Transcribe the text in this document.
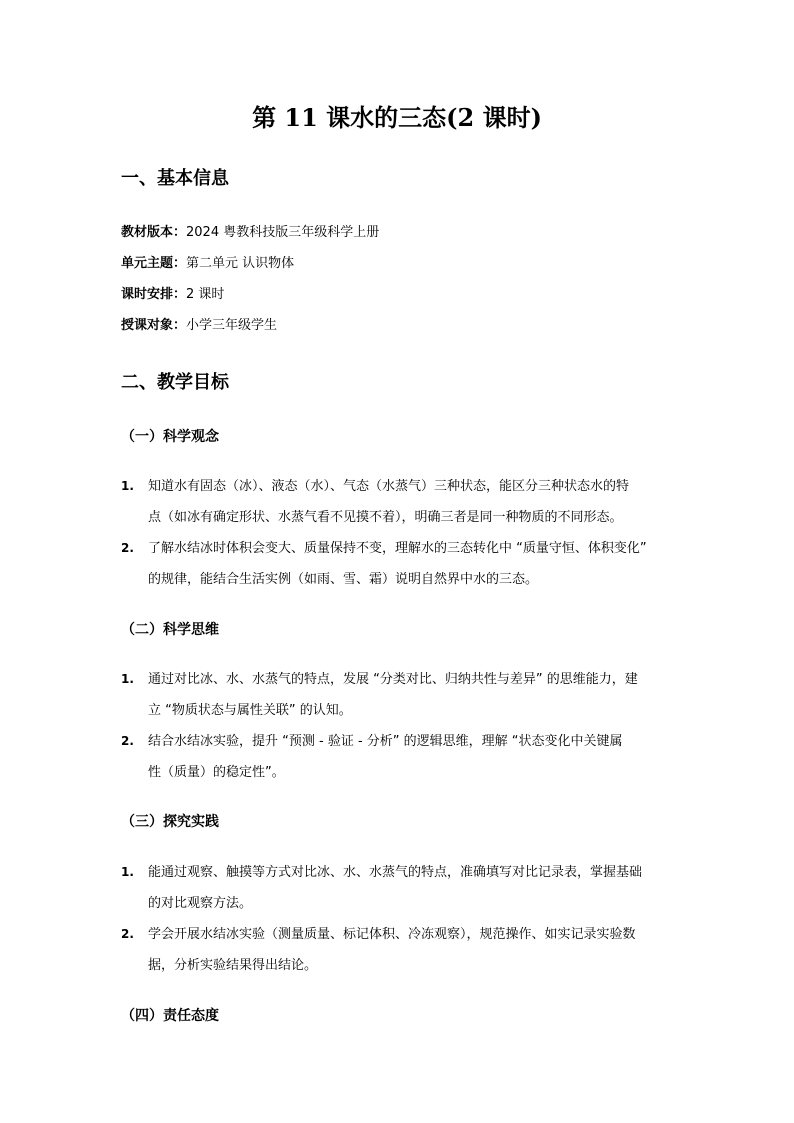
第 11 课水的三态(2 课时)
一、基本信息
教材版本：2024 粤教科技版三年级科学上册
单元主题：第二单元 认识物体
课时安排：2 课时
授课对象：小学三年级学生
二、教学目标
（一）科学观念
1.	知道水有固态（冰）、液态（水）、气态（水蒸气）三种状态，能区分三种状态水的特
点（如冰有确定形状、水蒸气看不见摸不着），明确三者是同一种物质的不同形态。
2.	了解水结冰时体积会变大、质量保持不变，理解水的三态转化中 “质量守恒、体积变化”
的规律，能结合生活实例（如雨、雪、霜）说明自然界中水的三态。
（二）科学思维
1.	通过对比冰、水、水蒸气的特点，发展 “分类对比、归纳共性与差异” 的思维能力，建
立 “物质状态与属性关联” 的认知。
2.	结合水结冰实验，提升 “预测 - 验证 - 分析” 的逻辑思维，理解 “状态变化中关键属
性（质量）的稳定性”。
（三）探究实践
1.	能通过观察、触摸等方式对比冰、水、水蒸气的特点，准确填写对比记录表，掌握基础
的对比观察方法。
2.	学会开展水结冰实验（测量质量、标记体积、冷冻观察），规范操作、如实记录实验数
据，分析实验结果得出结论。
（四）责任态度
